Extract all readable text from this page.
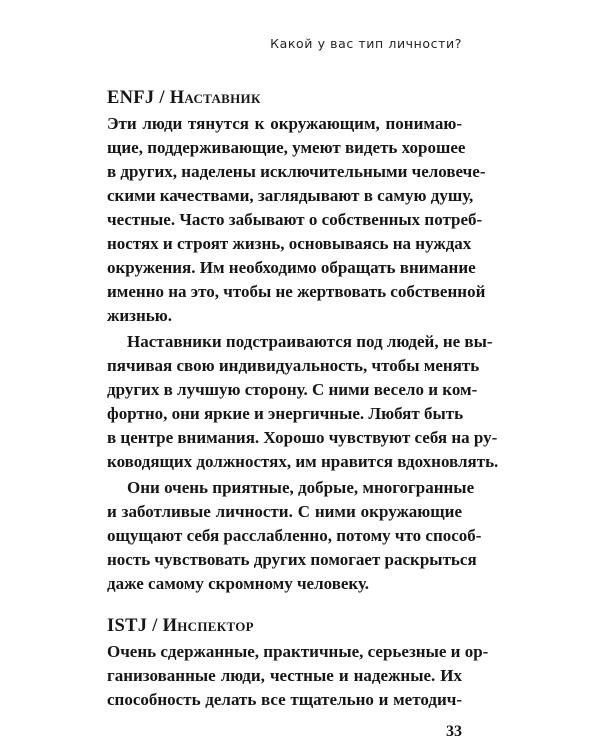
Какой у вас тип личности?
ENFJ / Наставник
Эти люди тянутся к окружающим, понимаю-
щие, поддерживающие, умеют видеть хорошее
в других, наделены исключительными человече-
скими качествами, заглядывают в самую душу,
честные. Часто забывают о собственных потреб-
ностях и строят жизнь, основываясь на нуждах
окружения. Им необходимо обращать внимание
именно на это, чтобы не жертвовать собственной
жизнью.
Наставники подстраиваются под людей, не вы-
пячивая свою индивидуальность, чтобы менять
других в лучшую сторону. С ними весело и ком-
фортно, они яркие и энергичные. Любят быть
в центре внимания. Хорошо чувствуют себя на ру-
ководящих должностях, им нравится вдохновлять.
Они очень приятные, добрые, многогранные
и заботливые личности. С ними окружающие
ощущают себя расслабленно, потому что способ-
ность чувствовать других помогает раскрыться
даже самому скромному человеку.
ISTJ / Инспектор
Очень сдержанные, практичные, серьезные и ор-
ганизованные люди, честные и надежные. Их
способность делать все тщательно и методич-
33
